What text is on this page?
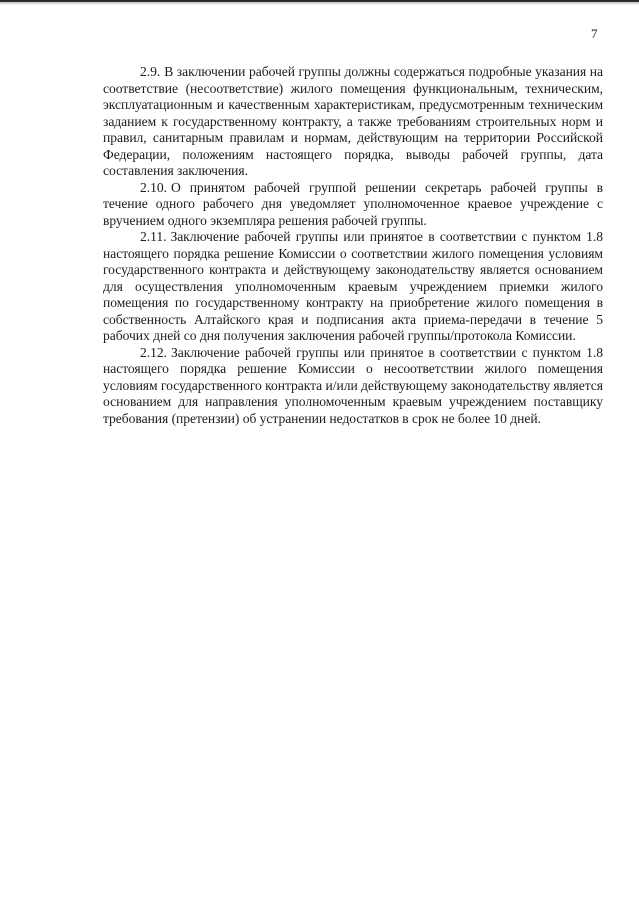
7

2.9. В заключении рабочей группы должны содержаться подробные указания на соответствие (несоответствие) жилого помещения функциональным, техническим, эксплуатационным и качественным характеристикам, предусмотренным техническим заданием к государственному контракту, а также требованиям строительных норм и правил, санитарным правилам и нормам, действующим на территории Российской Федерации, положениям настоящего порядка, выводы рабочей группы, дата составления заключения.

2.10. О принятом рабочей группой решении секретарь рабочей группы в течение одного рабочего дня уведомляет уполномоченное краевое учреждение с вручением одного экземпляра решения рабочей группы.

2.11. Заключение рабочей группы или принятое в соответствии с пунктом 1.8 настоящего порядка решение Комиссии о соответствии жилого помещения условиям государственного контракта и действующему законодательству является основанием для осуществления уполномоченным краевым учреждением приемки жилого помещения по государственному контракту на приобретение жилого помещения в собственность Алтайского края и подписания акта приема-передачи в течение 5 рабочих дней со дня получения заключения рабочей группы/протокола Комиссии.

2.12. Заключение рабочей группы или принятое в соответствии с пунктом 1.8 настоящего порядка решение Комиссии о несоответствии жилого помещения условиям государственного контракта и/или действующему законодательству является основанием для направления уполномоченным краевым учреждением поставщику требования (претензии) об устранении недостатков в срок не более 10 дней.
